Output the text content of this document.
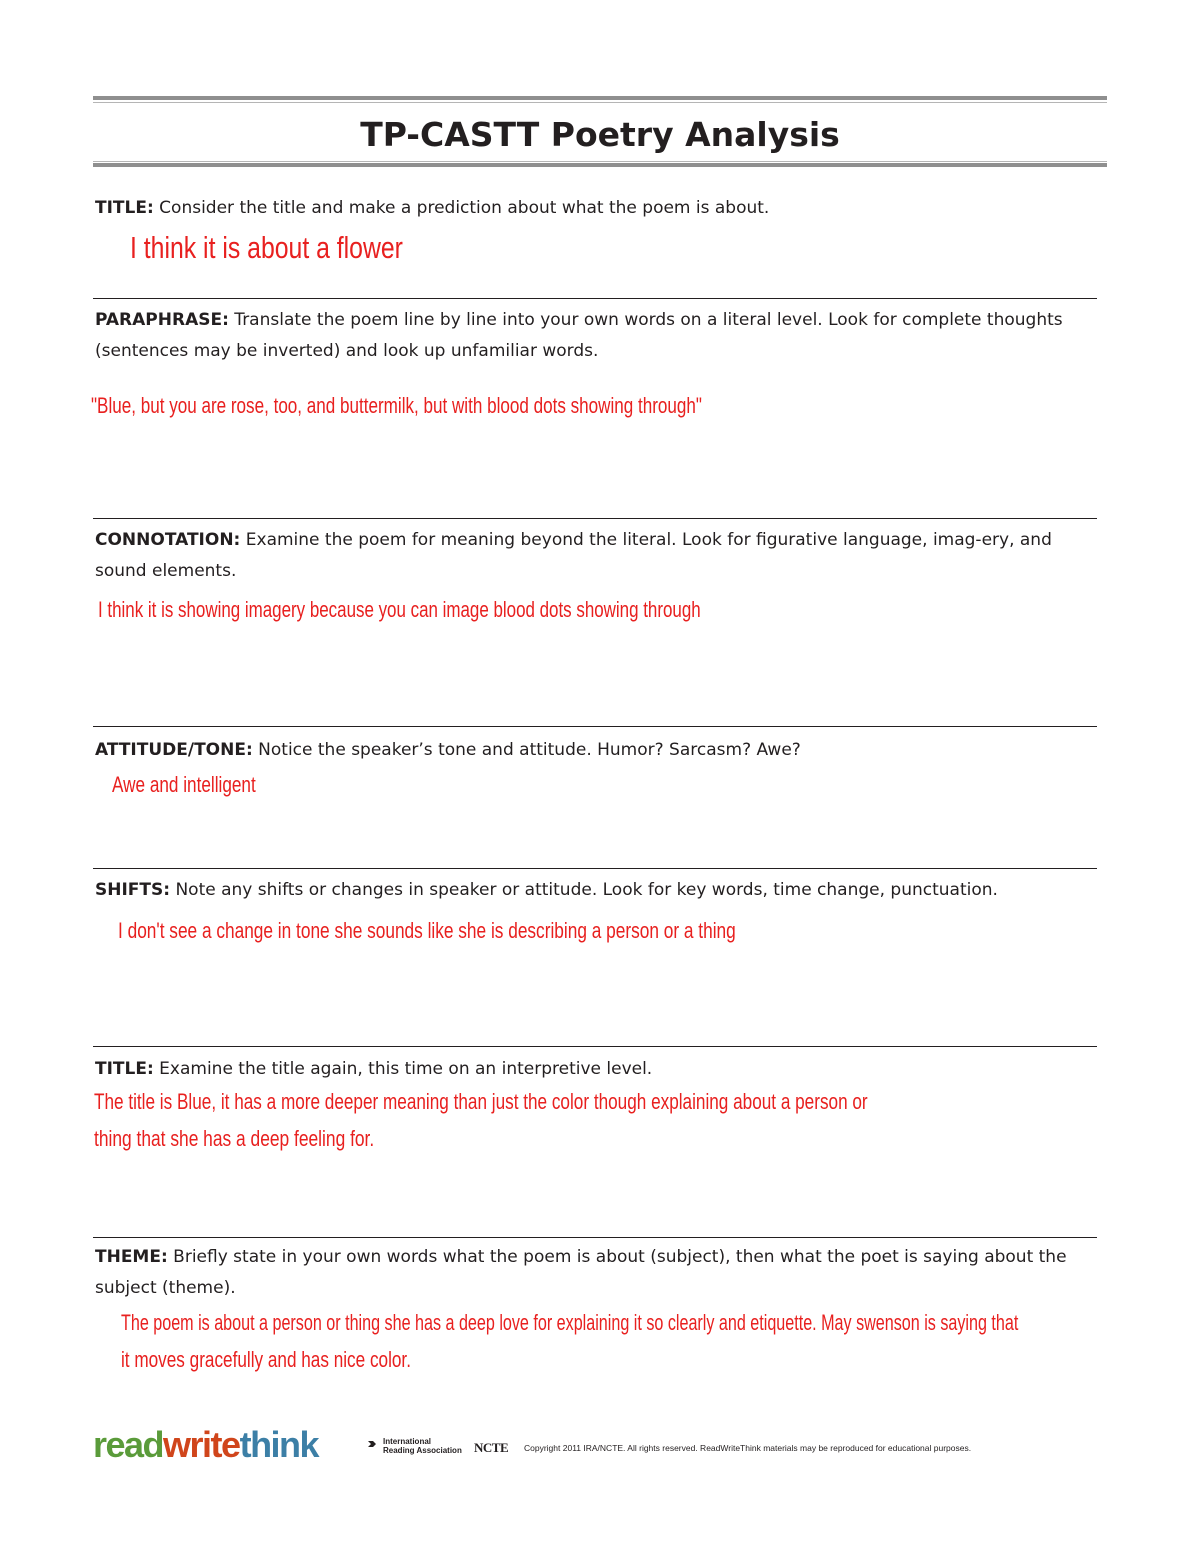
TP-CASTT Poetry Analysis
TITLE: Consider the title and make a prediction about what the poem is about.
I think it is about a flower
PARAPHRASE: Translate the poem line by line into your own words on a literal level. Look for complete thoughts (sentences may be inverted) and look up unfamiliar words.
"Blue, but you are rose, too, and buttermilk, but with blood dots showing through"
CONNOTATION: Examine the poem for meaning beyond the literal. Look for figurative language, imag-ery, and sound elements.
I think it is showing imagery because you can image blood dots showing through
ATTITUDE/TONE: Notice the speaker’s tone and attitude. Humor? Sarcasm? Awe?
Awe and intelligent
SHIFTS: Note any shifts or changes in speaker or attitude. Look for key words, time change, punctuation.
I don't see a change in tone she sounds like she is describing a person or a thing
TITLE: Examine the title again, this time on an interpretive level.
The title is Blue, it has a more deeper meaning than just the color though explaining about a person or
thing that she has a deep feeling for.
THEME: Briefly state in your own words what the poem is about (subject), then what the poet is saying about the subject (theme).
The poem is about a person or thing she has a deep love for explaining it so clearly and etiquette. May swenson is saying that
it moves gracefully and has nice color.
readwritethink	International
Reading Association NCTE Copyright 2011 IRA/NCTE. All rights reserved. ReadWriteThink materials may be reproduced for educational purposes.
